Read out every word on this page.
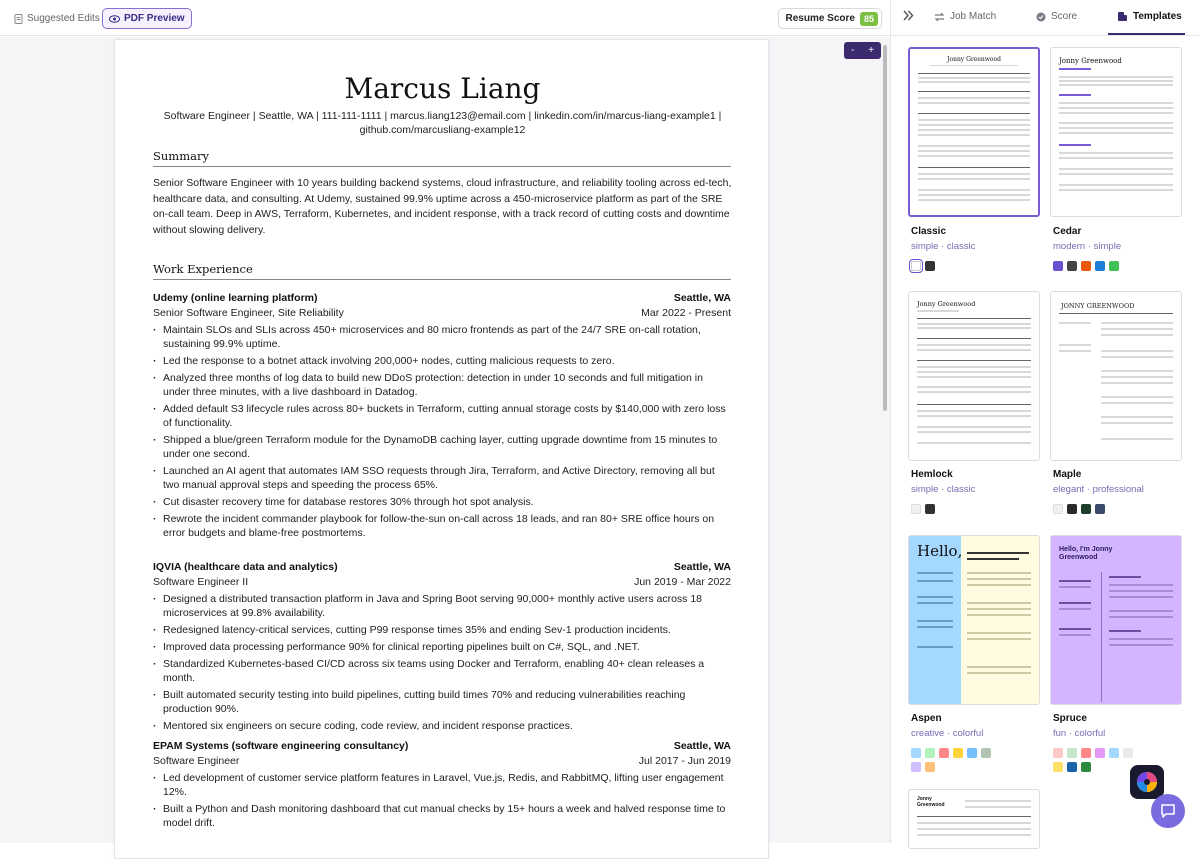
Suggested Edits PDF Preview	Resume Score	85
Marcus Liang
Software Engineer | Seattle, WA | 111-111-1111 | marcus.liang123@email.com | linkedin.com/in/marcus-liang-example1 |
github.com/marcusliang-example12
Summary
Senior Software Engineer with 10 years building backend systems, cloud infrastructure, and reliability tooling across ed-tech, healthcare data, and consulting. At Udemy, sustained 99.9% uptime across a 450-microservice platform as part of the SRE on-call team. Deep in AWS, Terraform, Kubernetes, and incident response, with a track record of cutting costs and downtime without slowing delivery.
Work Experience
Udemy (online learning platform)	Seattle, WA
Senior Software Engineer, Site Reliability	Mar 2022 - Present
· Maintain SLOs and SLIs across 450+ microservices and 80 micro frontends as part of the 24/7 SRE on-call rotation, sustaining 99.9% uptime.
· Led the response to a botnet attack involving 200,000+ nodes, cutting malicious requests to zero.
· Analyzed three months of log data to build new DDoS protection: detection in under 10 seconds and full mitigation in under three minutes, with a live dashboard in Datadog.
· Added default S3 lifecycle rules across 80+ buckets in Terraform, cutting annual storage costs by $140,000 with zero loss of functionality.
· Shipped a blue/green Terraform module for the DynamoDB caching layer, cutting upgrade downtime from 15 minutes to under one second.
· Launched an AI agent that automates IAM SSO requests through Jira, Terraform, and Active Directory, removing all but two manual approval steps and speeding the process 65%.
· Cut disaster recovery time for database restores 30% through hot spot analysis.
· Rewrote the incident commander playbook for follow-the-sun on-call across 18 leads, and ran 80+ SRE office hours on error budgets and blame-free postmortems.
IQVIA (healthcare data and analytics)	Seattle, WA
Software Engineer II	Jun 2019 - Mar 2022
· Designed a distributed transaction platform in Java and Spring Boot serving 90,000+ monthly active users across 18 microservices at 99.8% availability.
· Redesigned latency-critical services, cutting P99 response times 35% and ending Sev-1 production incidents.
· Improved data processing performance 90% for clinical reporting pipelines built on C#, SQL, and .NET.
· Standardized Kubernetes-based CI/CD across six teams using Docker and Terraform, enabling 40+ clean releases a month.
· Built automated security testing into build pipelines, cutting build times 70% and reducing vulnerabilities reaching production 90%.
· Mentored six engineers on secure coding, code review, and incident response practices.
EPAM Systems (software engineering consultancy)	Seattle, WA
Software Engineer	Jul 2017 - Jun 2019
· Led development of customer service platform features in Laravel, Vue.js, Redis, and RabbitMQ, lifting user engagement 12%.
· Built a Python and Dash monitoring dashboard that cut manual checks by 15+ hours a week and halved response time to model drift.
- +
Job Match	Score	Templates
Jonny Greenwood
Classic
simple · classic
Jonny Greenwood
Cedar
modern · simple
Jonny Greenwood
Hemlock
simple · classic
JONNY GREENWOOD
Maple
elegant · professional
Hello,
Aspen
creative · colorful
Hello, I'm Jonny Greenwood
Spruce
fun · colorful
Jonny Greenwood
